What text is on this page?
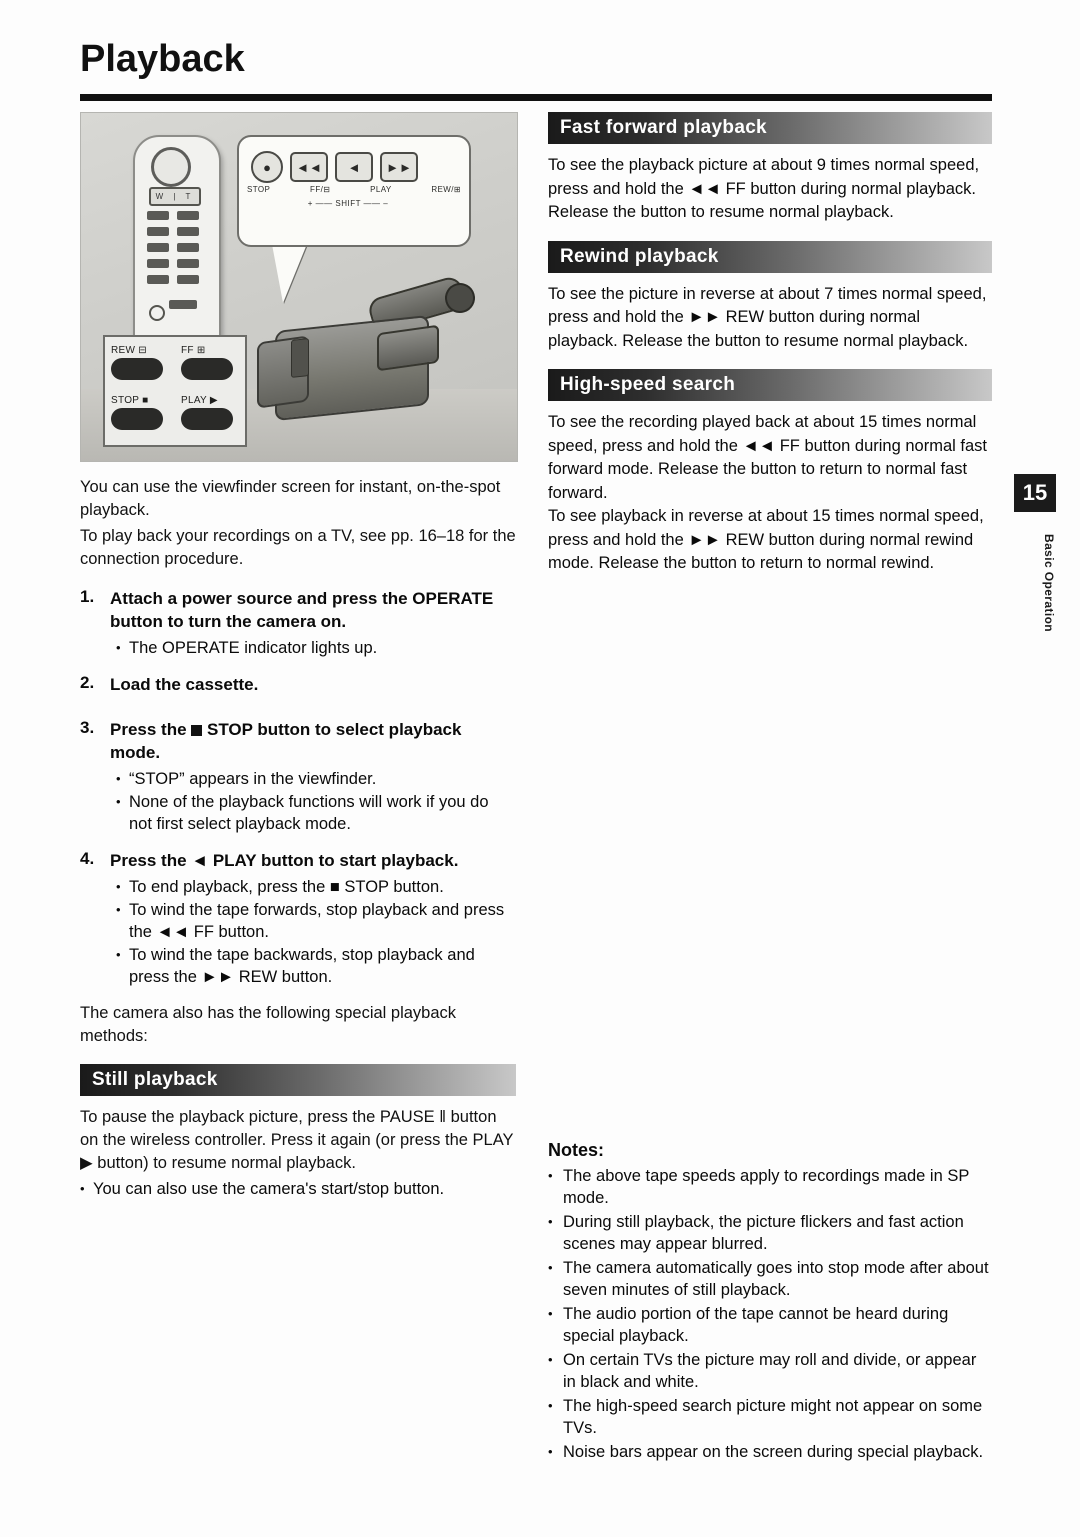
Playback
W | T
●	◄◄	◄	►►
STOP	FF/⊟	PLAY	REW/⊞
+ —— SHIFT —— –
REW ⊟	FF ⊞
STOP ■	PLAY ▶

You can use the viewfinder screen for instant, on-the-spot playback.

To play back your recordings on a TV, see pp. 16–18 for the connection procedure.

1. Attach a power source and press the OPERATE button to turn the camera on.
• The OPERATE indicator lights up.
2. Load the cassette.
3. Press the STOP button to select playback mode.
• “STOP” appears in the viewfinder.
• None of the playback functions will work if you do not first select playback mode.
4. Press the ◄ PLAY button to start playback.
• To end playback, press the ■ STOP button.
• To wind the tape forwards, stop playback and press the ◄◄ FF button.
• To wind the tape backwards, stop playback and press the ►► REW button.

The camera also has the following special playback methods:

Still playback

To pause the playback picture, press the PAUSE ‖ button on the wireless controller. Press it again (or press the PLAY ▶ button) to resume normal playback.

• You can also use the camera's start/stop button.
Fast forward playback

To see the playback picture at about 9 times normal speed, press and hold the ◄◄ FF button during normal playback. Release the button to resume normal playback.

Rewind playback

To see the picture in reverse at about 7 times normal speed, press and hold the ►► REW button during normal playback. Release the button to resume normal playback.

High-speed search

To see the recording played back at about 15 times normal speed, press and hold the ◄◄ FF button during normal fast forward mode. Release the button to return to normal fast forward.

To see playback in reverse at about 15 times normal speed, press and hold the ►► REW button during normal rewind mode. Release the button to return to normal rewind.

Notes:
• The above tape speeds apply to recordings made in SP mode.
• During still playback, the picture flickers and fast action scenes may appear blurred.
• The camera automatically goes into stop mode after about seven minutes of still playback.
• The audio portion of the tape cannot be heard during special playback.
• On certain TVs the picture may roll and divide, or appear in black and white.
• The high-speed search picture might not appear on some TVs.
• Noise bars appear on the screen during special playback.
15
Basic Operation
